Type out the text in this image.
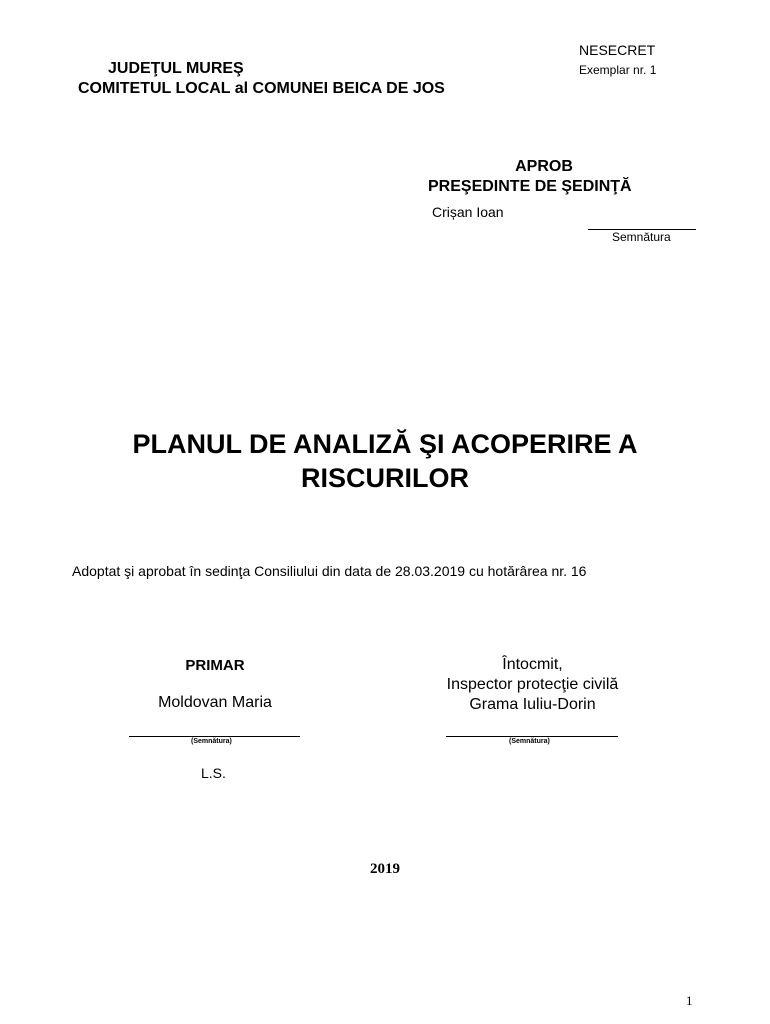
NESECRET
Exemplar nr. 1
JUDEŢUL MUREŞ
COMITETUL LOCAL al COMUNEI BEICA DE JOS
APROB
PREŞEDINTE DE ŞEDINŢĂ
Crișan Ioan
Semnătura
PLANUL DE ANALIZĂ ŞI ACOPERIRE A RISCURILOR
Adoptat şi aprobat în sedinţa Consiliului din data de 28.03.2019 cu hotărârea nr. 16
PRIMAR
Moldovan Maria
(Semnătura)
Întocmit,
Inspector protecţie civilă
Grama Iuliu-Dorin
(Semnătura)
L.S.
2019
1
